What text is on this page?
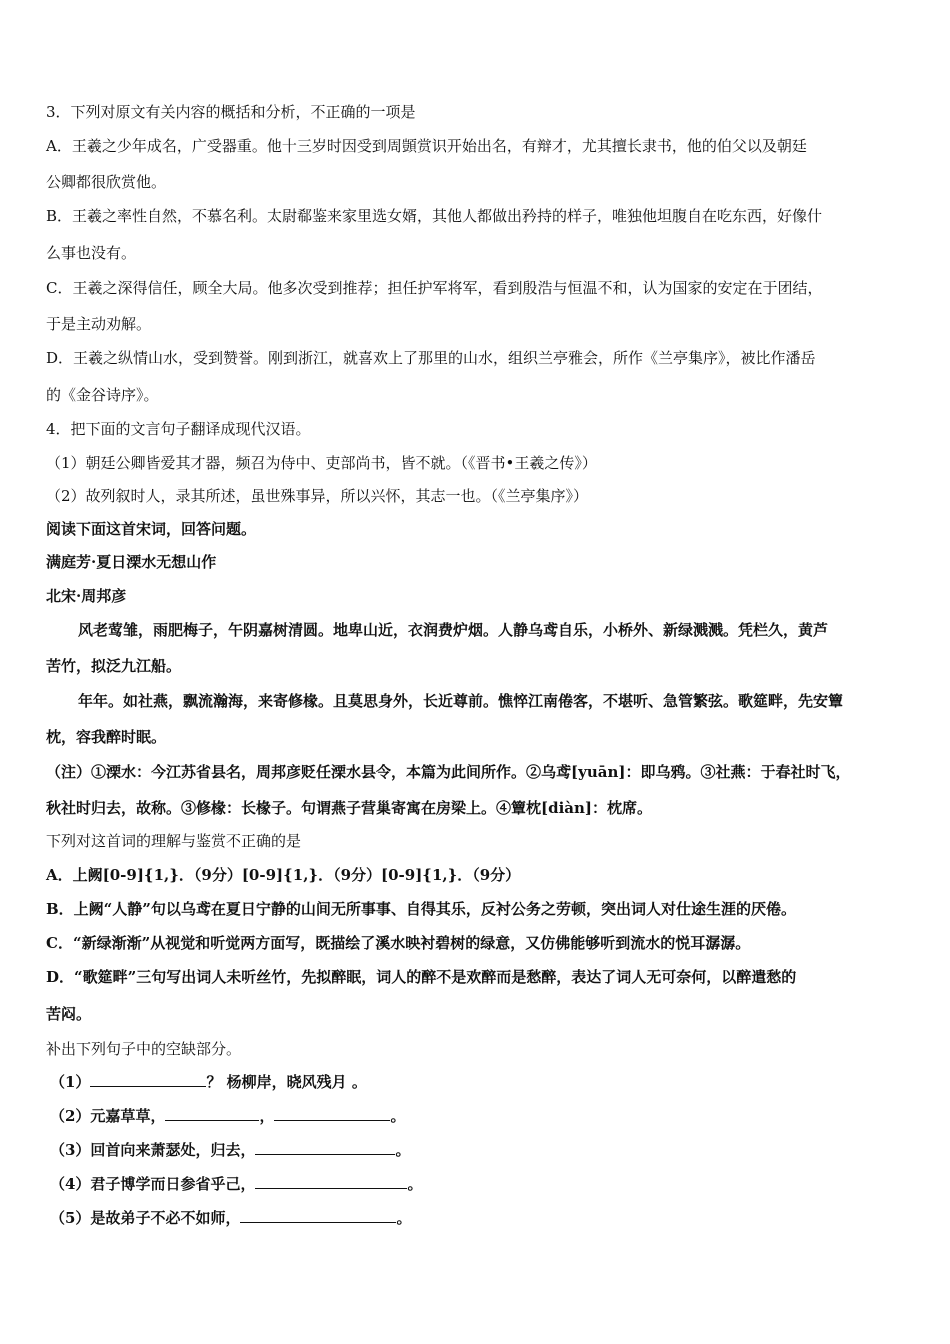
3．下列对原文有关内容的概括和分析，不正确的一项是
A．王羲之少年成名，广受器重。他十三岁时因受到周顗赏识开始出名，有辩才，尤其擅长隶书，他的伯父以及朝廷
公卿都很欣赏他。
B．王羲之率性自然，不慕名利。太尉郗鉴来家里选女婿，其他人都做出矜持的样子，唯独他坦腹自在吃东西，好像什
么事也没有。
C．王羲之深得信任，顾全大局。他多次受到推荐；担任护军将军，看到殷浩与恒温不和，认为国家的安定在于团结，
于是主动劝解。
D．王羲之纵情山水，受到赞誉。刚到浙江，就喜欢上了那里的山水，组织兰亭雅会，所作《兰亭集序》，被比作潘岳
的《金谷诗序》。
4．把下面的文言句子翻译成现代汉语。
（1）朝廷公卿皆爱其才器，频召为侍中、吏部尚书，皆不就。（《晋书•王羲之传》）
（2）故列叙时人，录其所述，虽世殊事异，所以兴怀，其志一也。（《兰亭集序》）
阅读下面这首宋词，回答问题。
满庭芳·夏日溧水无想山作
北宋·周邦彦
风老莺雏，雨肥梅子，午阴嘉树清圆。地卑山近，衣润费炉烟。人静乌鸢自乐，小桥外、新绿溅溅。凭栏久，黄芦
苦竹，拟泛九江船。
年年。如社燕，飘流瀚海，来寄修椽。且莫思身外，长近尊前。憔悴江南倦客，不堪听、急管繁弦。歌筵畔，先安簟
枕，容我醉时眠。
（注）①溧水：今江苏省县名，周邦彦贬任溧水县令，本篇为此间所作。②乌鸢[yuān]：即乌鸦。③社燕：于春社时飞，
秋社时归去，故称。③修椽：长椽子。句谓燕子营巢寄寓在房梁上。④簟枕[diàn]：枕席。
下列对这首词的理解与鉴赏不正确的是
A．上阙[0-9]{1,}．（9分）[0-9]{1,}．（9分）[0-9]{1,}．（9分）
B．上阙“人静”句以乌鸢在夏日宁静的山间无所事事、自得其乐，反衬公务之劳顿，突出词人对仕途生涯的厌倦。
C．“新绿渐渐”从视觉和听觉两方面写，既描绘了溪水映衬碧树的绿意，又仿佛能够听到流水的悦耳潺潺。
D．“歌筵畔”三句写出词人未听丝竹，先拟醉眠，词人的醉不是欢醉而是愁醉，表达了词人无可奈何，以醉遣愁的
苦闷。
补出下列句子中的空缺部分。
（1）	？ 杨柳岸，晓风残月 。
（2）元嘉草草，	，	。
（3）回首向来萧瑟处，归去，	。
（4）君子博学而日参省乎己，	。
（5）是故弟子不必不如师，	。
